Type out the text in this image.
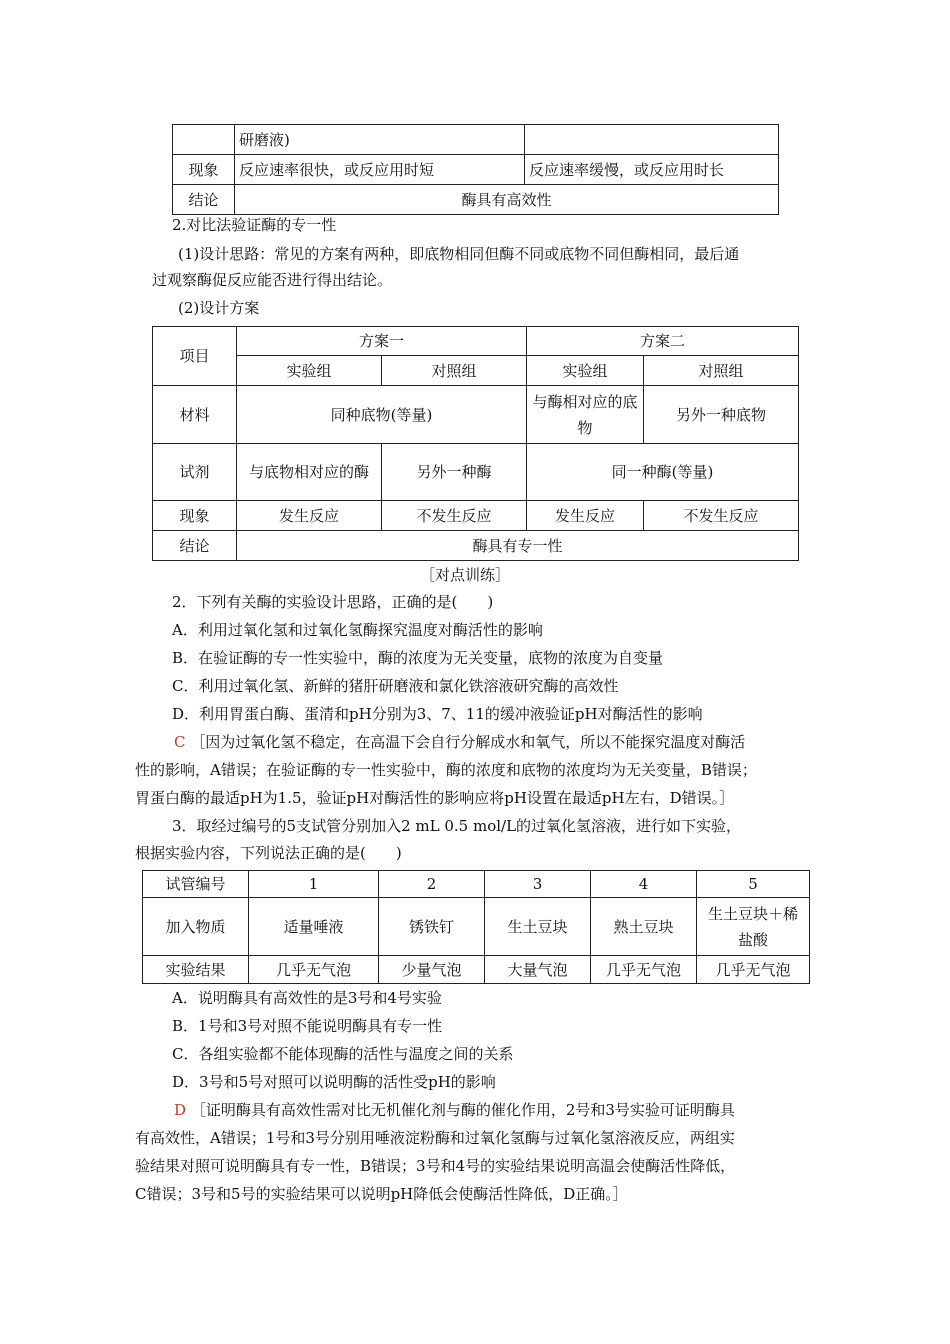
	研磨液)	
现象	反应速率很快，或反应用时短	反应速率缓慢，或反应用时长
结论	酶具有高效性	
2.对比法验证酶的专一性
(1)设计思路：常见的方案有两种，即底物相同但酶不同或底物不同但酶相同，最后通
过观察酶促反应能否进行得出结论。
(2)设计方案
项目	方案一		方案二	
	实验组	对照组	实验组	对照组
材料	同种底物(等量)		与酶相对应的底物	另外一种底物
试剂	与底物相对应的酶	另外一种酶	同一种酶(等量)	
现象	发生反应	不发生反应	发生反应	不发生反应
结论	酶具有专一性			
［对点训练］
2．下列有关酶的实验设计思路，正确的是(　　)
A．利用过氧化氢和过氧化氢酶探究温度对酶活性的影响
B．在验证酶的专一性实验中，酶的浓度为无关变量，底物的浓度为自变量
C．利用过氧化氢、新鲜的猪肝研磨液和氯化铁溶液研究酶的高效性
D．利用胃蛋白酶、蛋清和pH分别为3、7、11的缓冲液验证pH对酶活性的影响
C ［因为过氧化氢不稳定，在高温下会自行分解成水和氧气，所以不能探究温度对酶活
性的影响，A错误；在验证酶的专一性实验中，酶的浓度和底物的浓度均为无关变量，B错误；
胃蛋白酶的最适pH为1.5，验证pH对酶活性的影响应将pH设置在最适pH左右，D错误。］
3．取经过编号的5支试管分别加入2 mL 0.5 mol/L的过氧化氢溶液，进行如下实验，
根据实验内容，下列说法正确的是(　　)
试管编号	1	2	3	4	5
加入物质	适量唾液	锈铁钉	生土豆块	熟土豆块	生土豆块＋稀盐酸
实验结果	几乎无气泡	少量气泡	大量气泡	几乎无气泡	几乎无气泡
A．说明酶具有高效性的是3号和4号实验
B．1号和3号对照不能说明酶具有专一性
C．各组实验都不能体现酶的活性与温度之间的关系
D．3号和5号对照可以说明酶的活性受pH的影响
D ［证明酶具有高效性需对比无机催化剂与酶的催化作用，2号和3号实验可证明酶具
有高效性，A错误；1号和3号分别用唾液淀粉酶和过氧化氢酶与过氧化氢溶液反应，两组实
验结果对照可说明酶具有专一性，B错误；3号和4号的实验结果说明高温会使酶活性降低，
C错误；3号和5号的实验结果可以说明pH降低会使酶活性降低，D正确。］
